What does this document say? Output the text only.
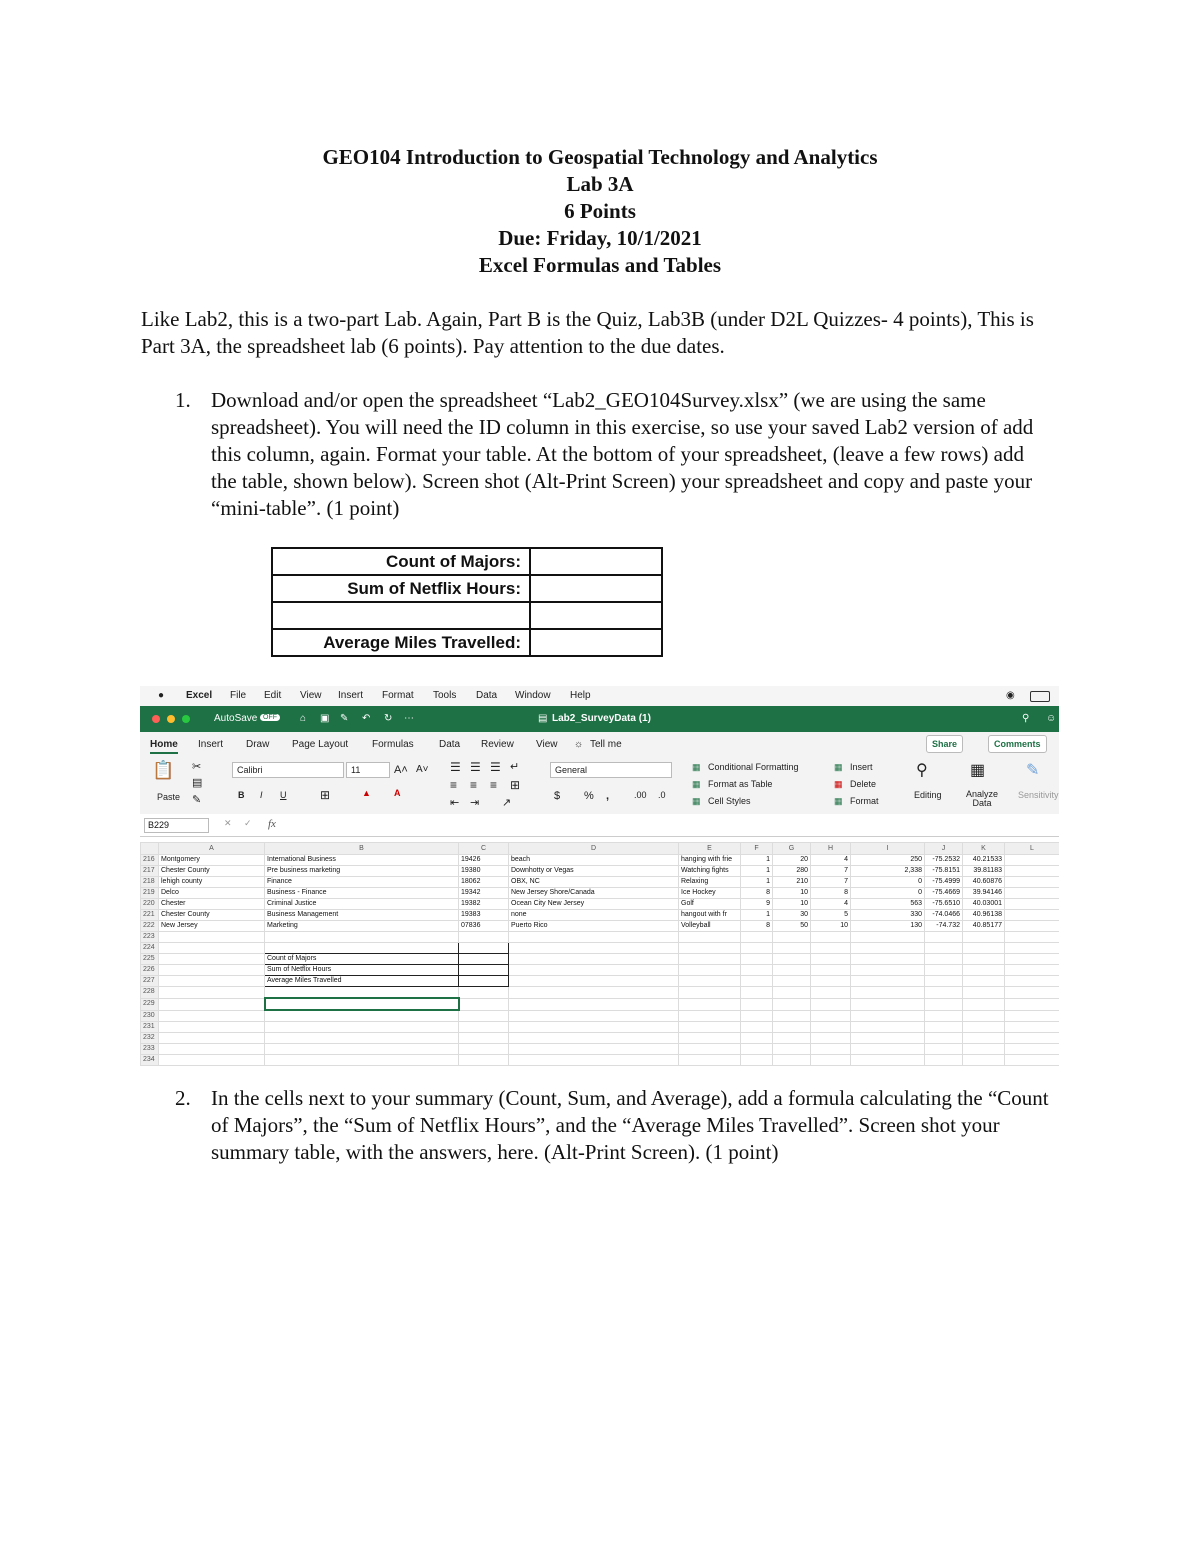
GEO104 Introduction to Geospatial Technology and Analytics
Lab 3A
6 Points
Due: Friday, 10/1/2021
Excel Formulas and Tables
Like Lab2, this is a two-part Lab. Again, Part B is the Quiz, Lab3B (under D2L Quizzes- 4 points), This is Part 3A, the spreadsheet lab (6 points). Pay attention to the due dates.
1. Download and/or open the spreadsheet “Lab2_GEO104Survey.xlsx” (we are using the same spreadsheet). You will need the ID column in this exercise, so use your saved Lab2 version of add this column, again. Format your table. At the bottom of your spreadsheet, (leave a few rows) add the table, shown below). Screen shot (Alt-Print Screen) your spreadsheet and copy and paste your “mini-table”. (1 point)
Count of Majors:	
Sum of Netflix Hours:	

Average Miles Travelled:	
● Excel File Edit View Insert Format Tools Data Window Help	◉
AutoSave OFF	⌂ ▣ ✎ ↶ ↻ ⋯	▤ Lab2_SurveyData (1)	⚲ ☺
Home Insert Draw Page Layout Formulas	Data Review View ☼ Tell me	Share	Comments
📋
Paste
✂
▤
✎
Calibri	11	A˄ A˅
B I U	⊞	▲	A
☰ ☰ ☰
≡ ≡ ≡ ⊞
⇤ ⇥ ↗
↵	General
$ % ,	.00 .0
▦ Conditional Formatting
▦ Format as Table
▦ Cell Styles
▦ Insert
▦ Delete
▦ Format
⚲
Editing
▦
Analyze Data
✎
Sensitivity
B229	✕ ✓ fx
	A	B	C	D	E	F	G	H	I	J	K	L
216	Montgomery	International Business	19426	beach	hanging with frie	1	20	4	250	-75.2532	40.21533	
217	Chester County	Pre business marketing	19380	Downhotty or Vegas	Watching fights	1	280	7	2,338	-75.8151	39.81183	
218	lehigh county	Finance	18062	OBX, NC	Relaxing	1	210	7	0	-75.4999	40.60876	
219	Delco	Business - Finance	19342	New Jersey Shore/Canada	Ice Hockey	8	10	8	0	-75.4669	39.94146	
220	Chester	Criminal Justice	19382	Ocean City New Jersey	Golf	9	10	4	563	-75.6510	40.03001	
221	Chester County	Business Management	19383	none	hangout with fr	1	30	5	330	-74.0466	40.96138	
222	New Jersey	Marketing	07836	Puerto Rico	Volleyball	8	50	10	130	-74.732	40.85177	
223												
224												
225		Count of Majors										
226		Sum of Netflix Hours										
227		Average Miles Travelled										
228												
229												
230												
231												
232												
233												
234												
2. In the cells next to your summary (Count, Sum, and Average), add a formula calculating the “Count of Majors”, the “Sum of Netflix Hours”, and the “Average Miles Travelled”. Screen shot your summary table, with the answers, here. (Alt-Print Screen). (1 point)
